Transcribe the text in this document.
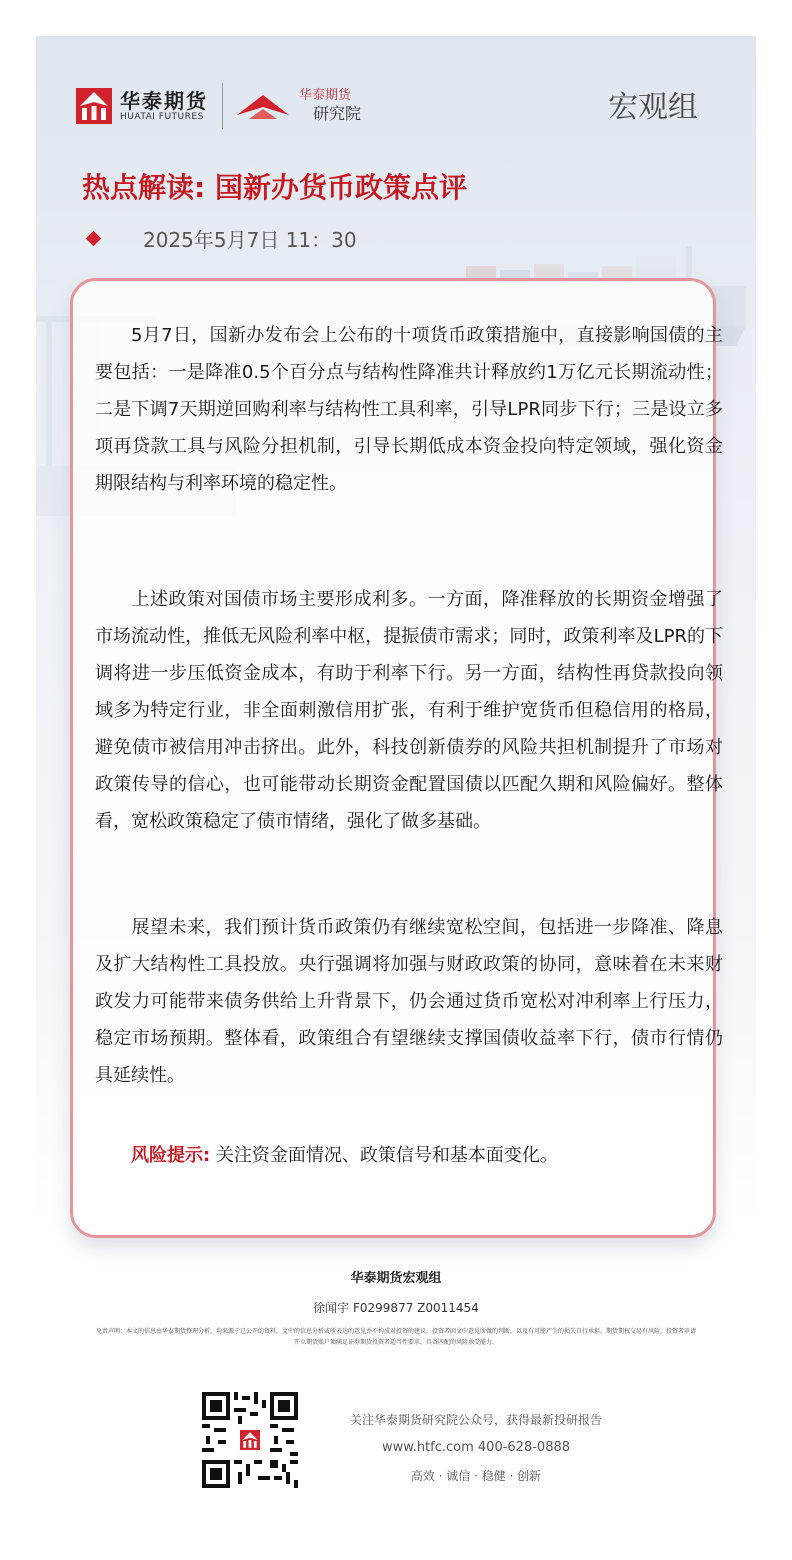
华泰期货
HUATAI FUTURES
华泰期货
研究院	宏观组
热点解读: 国新办货币政策点评
2025年5月7日 11：30

5月7日，国新办发布会上公布的十项货币政策措施中，直接影响国债的主要包括：一是降准0.5个百分点与结构性降准共计释放约1万亿元长期流动性；二是下调7天期逆回购利率与结构性工具利率，引导LPR同步下行；三是设立多项再贷款工具与风险分担机制，引导长期低成本资金投向特定领域，强化资金期限结构与利率环境的稳定性。

上述政策对国债市场主要形成利多。一方面，降准释放的长期资金增强了市场流动性，推低无风险利率中枢，提振债市需求；同时，政策利率及LPR的下调将进一步压低资金成本，有助于利率下行。另一方面，结构性再贷款投向领域多为特定行业，非全面刺激信用扩张，有利于维护宽货币但稳信用的格局，避免债市被信用冲击挤出。此外，科技创新债券的风险共担机制提升了市场对政策传导的信心，也可能带动长期资金配置国债以匹配久期和风险偏好。整体看，宽松政策稳定了债市情绪，强化了做多基础。

展望未来，我们预计货币政策仍有继续宽松空间，包括进一步降准、降息及扩大结构性工具投放。央行强调将加强与财政政策的协同，意味着在未来财政发力可能带来债务供给上升背景下，仍会通过货币宽松对冲利率上行压力，稳定市场预期。整体看，政策组合有望继续支撑国债收益率下行，债市行情仍具延续性。

风险提示: 关注资金面情况、政策信号和基本面变化。

华泰期货宏观组
徐闻宇 F0299877 Z0011454
免责声明：本文的信息由华泰期货整理分析，均来源于已公开的资料，文中的信息分析或所表达的意见并不构成对投资的建议，投资者因文中意见所做的判断，以及有可能产生的损失自行承担。期货期权交易有风险，投资者申请开立期货账户须满足证券期货投资者适当性要求，具备匹配的风险承受能力。
关注华泰期货研究院公众号，获得最新投研报告
www.htfc.com 400-628-0888
高效 · 诚信 · 稳健 · 创新
